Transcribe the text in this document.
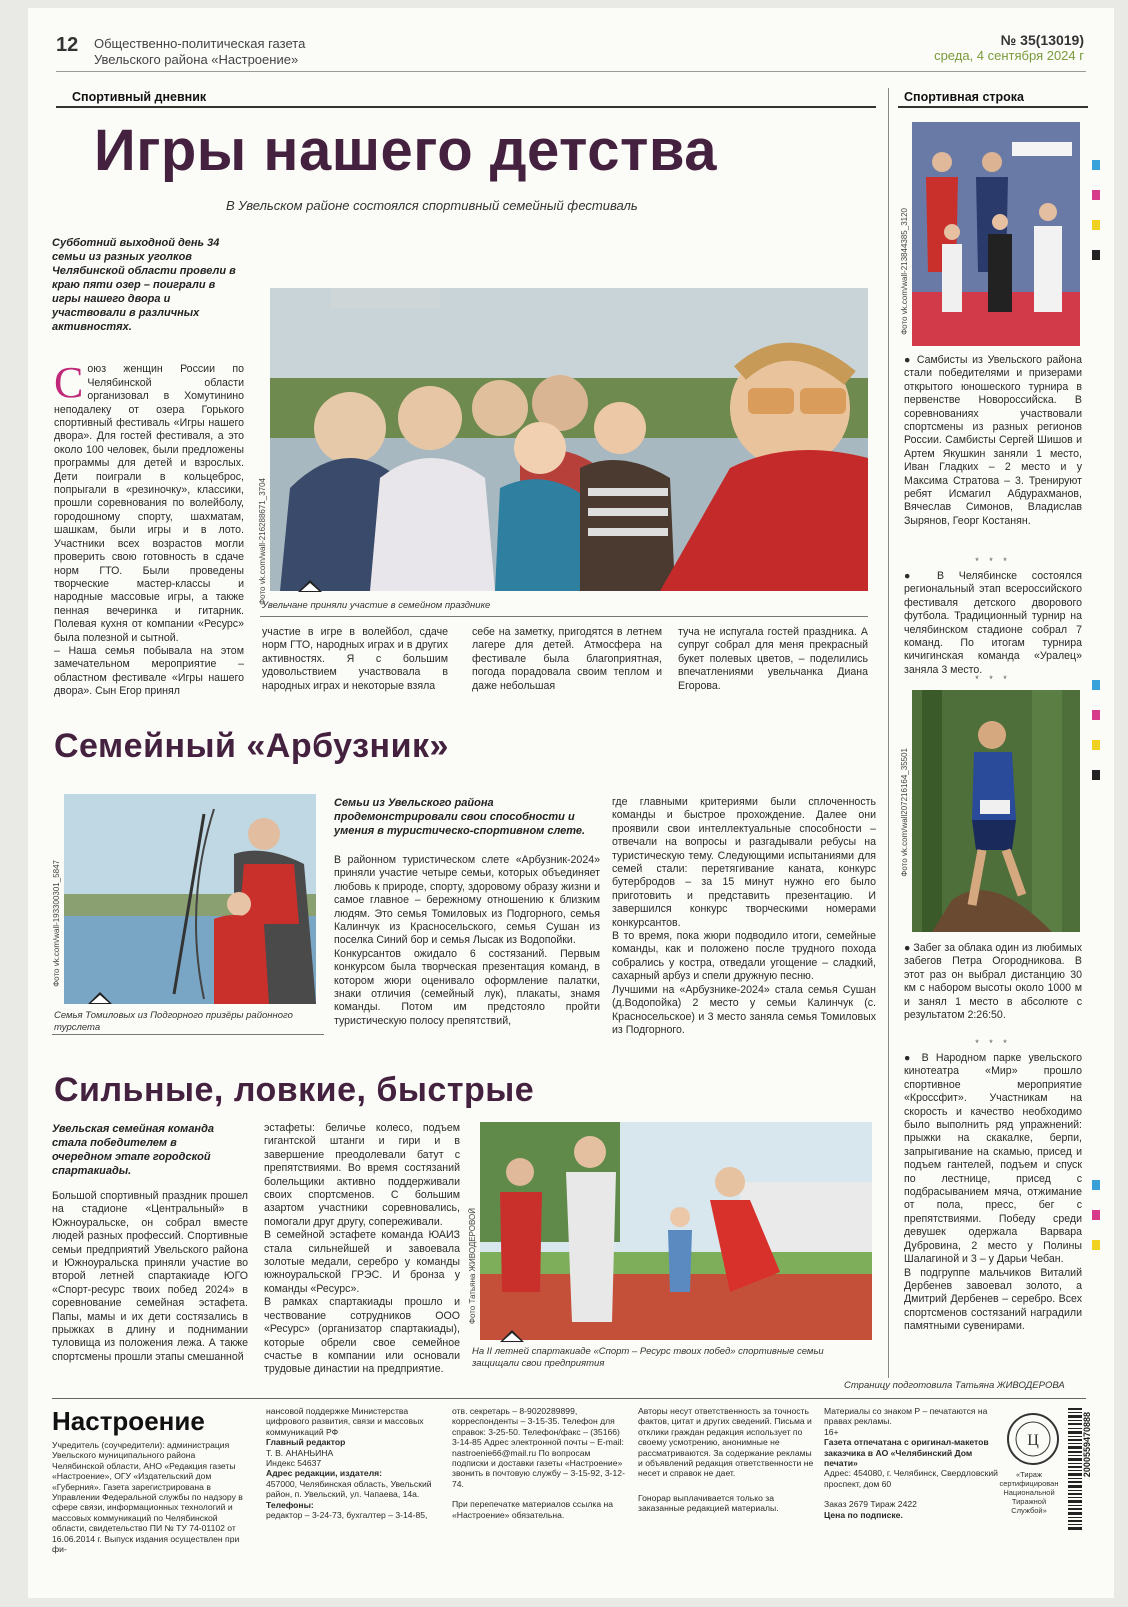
12 Общественно-политическая газета
Увельского района «Настроение»
№ 35(13019)
среда, 4 сентября 2024 г
Спортивный дневник	Спортивная строка
Игры нашего детства
В Увельском районе состоялся спортивный семейный фестиваль
Субботний выходной день 34 семьи из разных уголков Челябинской области провели в краю пяти озер – поиграли в игры нашего двора и участвовали в различных активностях.

Союз женщин России по Челябинской области организовал в Хомутинино неподалеку от озера Горького спортивный фестиваль «Игры нашего двора». Для гостей фестиваля, а это около 100 человек, были предложены программы для детей и взрослых. Дети поиграли в кольцеброс, попрыгали в «резиночку», классики, прошли соревнования по волейболу, городошному спорту, шахматам, шашкам, были игры и в лото. Участники всех возрастов могли проверить свою готовность в сдаче норм ГТО. Были проведены творческие мастер-классы и народные массовые игры, а также пенная вечеринка и гитарник. Полевая кухня от компании «Ресурс» была полезной и сытной.
– Наша семья побывала на этом замечательном мероприятие – областном фестивале «Игры нашего двора». Сын Егор принял

Фото vk.com/wall-216288671_3704
Увельчане приняли участие в семейном празднике
участие в игре в волейбол, сдаче норм ГТО, народных играх и в других активностях. Я с большим удовольствием участвовала в народных играх и некоторые взяла
себе на заметку, пригодятся в летнем лагере для детей. Атмосфера на фестивале была благоприятная, погода порадовала своим теплом и даже небольшая
туча не испугала гостей праздника. А супруг собрал для меня прекрасный букет полевых цветов, – поделились впечатлениями увельчанка Диана Егорова.
Семейный «Арбузник»
Фото vk.com/wall-193300301_5847
Семья Томиловых из Подгорного призёры районного турслета
Семьи из Увельского района продемонстрировали свои способности и умения в туристическо-спортивном слете.
В районном туристическом слете «Арбузник-2024» приняли участие четыре семьи, которых объединяет любовь к природе, спорту, здоровому образу жизни и самое главное – бережному отношению к близким людям. Это семья Томиловых из Подгорного, семья Калинчук из Красносельского, семья Сушан из поселка Синий бор и семья Лысак из Водопойки.
Конкурсантов ожидало 6 состязаний. Первым конкурсом была творческая презентация команд, в котором жюри оценивало оформление палатки, знаки отличия (семейный лук), плакаты, знамя команды. Потом им предстояло пройти туристическую полосу препятствий,
где главными критериями были сплоченность команды и быстрое прохождение. Далее они проявили свои интеллектуальные способности – отвечали на вопросы и разгадывали ребусы на туристическую тему. Следующими испытаниями для семей стали: перетягивание каната, конкурс бутербродов – за 15 минут нужно его было приготовить и представить презентацию. И завершился конкурс творческими номерами конкурсантов.
В то время, пока жюри подводило итоги, семейные команды, как и положено после трудного похода собрались у костра, отведали угощение – сладкий, сахарный арбуз и спели дружную песню.
Лучшими на «Арбузнике-2024» стала семья Сушан (д.Водопойка) 2 место у семьи Калинчук (с. Красносельское) и 3 место заняла семья Томиловых из Подгорного.
Сильные, ловкие, быстрые
Увельская семейная команда стала победителем в очередном этапе городской спартакиады.
Большой спортивный праздник прошел на стадионе «Центральный» в Южноуральске, он собрал вместе людей разных профессий. Спортивные семьи предприятий Увельского района и Южноуральска приняли участие во второй летней спартакиаде ЮГО «Спорт-ресурс твоих побед 2024» в соревнование семейная эстафета. Папы, мамы и их дети состязались в прыжках в длину и поднимании туловища из положения лежа. А также спортсмены прошли этапы смешанной
эстафеты: беличье колесо, подъем гигантской штанги и гири и в завершение преодолевали батут с препятствиями. Во время состязаний болельщики активно поддерживали своих спортсменов. С большим азартом участники соревновались, помогали друг другу, сопереживали.
В семейной эстафете команда ЮАИЗ стала сильнейшей и завоевала золотые медали, серебро у команды южноуральской ГРЭС. И бронза у команды «Ресурс».
В рамках спартакиады прошло и чествование сотрудников ООО «Ресурс» (организатор спартакиады), которые обрели свое семейное счастье в компании или основали трудовые династии на предприятие.
Фото Татьяна ЖИВОДЕРОВОЙ
На II летней спартакиаде «Спорт – Ресурс твоих побед» спортивные семьи защищали свои предприятия
Страницу подготовила Татьяна ЖИВОДЕРОВА
Фото vk.com/wall-213844385_3120
● Самбисты из Увельского района стали победителями и призерами открытого юношеского турнира в первенстве Новороссийска. В соревнованиях участвовали спортсмены из разных регионов России. Самбисты Сергей Шишов и Артем Якушкин заняли 1 место, Иван Гладких – 2 место и у Максима Стратова – 3. Тренируют ребят Исмагил Абдурахманов, Вячеслав Симонов, Владислав Зырянов, Георг Костанян.
* * *
● В Челябинске состоялся региональный этап всероссийского фестиваля детского дворового футбола. Традиционный турнир на челябинском стадионе собрал 7 команд. По итогам турнира кичигинская команда «Уралец» заняла 3 место.
* * *
Фото vk.com/wall207216164_35501
● Забег за облака один из любимых забегов Петра Огородникова. В этот раз он выбрал дистанцию 30 км с набором высоты около 1000 м и занял 1 место в абсолюте с результатом 2:26:50.
* * *
● В Народном парке увельского кинотеатра «Мир» прошло спортивное мероприятие «Кроссфит». Участникам на скорость и качество необходимо было выполнить ряд упражнений: прыжки на скакалке, берпи, запрыгивание на скамью, присед и подъем гантелей, подъем и спуск по лестнице, присед с подбрасыванием мяча, отжимание от пола, пресс, бег с препятствиями. Победу среди девушек одержала Варвара Дубровина, 2 место у Полины Шалагиной и 3 – у Дарьи Чебан.
В подгруппе мальчиков Виталий Дербенев завоевал золото, а Дмитрий Дербенев – серебро. Всех спортсменов состязаний наградили памятными сувенирами.
Настроение
Учредитель (соучредители): администрация Увельского муниципального района Челябинской области, АНО «Редакция газеты «Настроение», ОГУ «Издательский дом «Губерния». Газета зарегистрирована в Управлении Федеральной службы по надзору в сфере связи, информационных технологий и массовых коммуникаций по Челябинской области, свидетельство ПИ № ТУ 74-01102 от 16.06.2014 г. Выпуск издания осуществлен при фи-
нансовой поддержке Министерства цифрового развития, связи и массовых коммуникаций РФ
Главный редактор
Т. В. АНАНЬИНА
Индекс 54637
Адрес редакции, издателя:
457000, Челябинская область, Увельский район, п. Увельский, ул. Чапаева, 14а.
Телефоны:
редактор – 3-24-73, бухгалтер – 3-14-85,
отв. секретарь – 8-9020289899, корреспонденты – 3-15-35. Телефон для справок: 3-25-50. Телефон/факс – (35166) 3-14-85 Адрес электронной почты – E-mail: nastroenie66@mail.ru По вопросам подписки и доставки газеты «Настроение» звонить в почтовую службу – 3-15-92, 3-12-74.
При перепечатке материалов ссылка на «Настроение» обязательна.
Авторы несут ответственность за точность фактов, цитат и других сведений. Письма и отклики граждан редакция использует по своему усмотрению, анонимные не рассматриваются. За содержание рекламы и объявлений редакция ответственности не несет и справок не дает.
Гонорар выплачивается только за заказанные редакцией материалы.
Материалы со знаком Р – печатаются на правах рекламы.
16+
Газета отпечатана с оригинал-макетов заказчика в АО «Челябинский Дом печати»
Адрес: 454080, г. Челябинск, Свердловский проспект, дом 60
Заказ 2679 Тираж 2422
Цена по подписке.
Ц
«Тираж сертифицирован Национальной Тиражной Службой»
2000559470888
